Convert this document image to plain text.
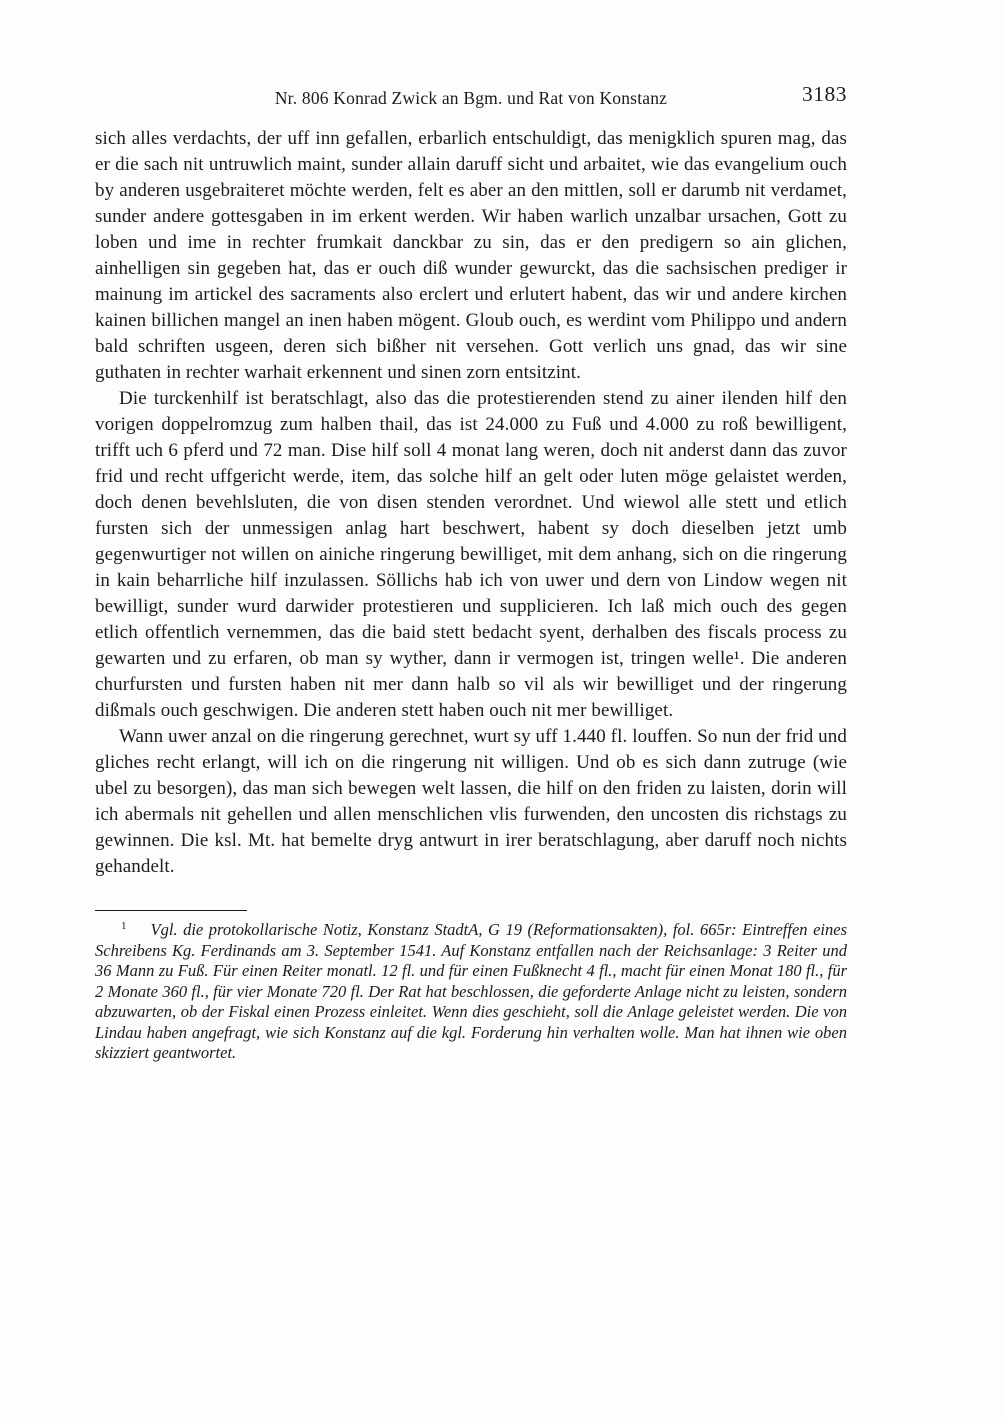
Nr. 806 Konrad Zwick an Bgm. und Rat von Konstanz	3183

sich alles verdachts, der uff inn gefallen, erbarlich entschuldigt, das menigklich spuren mag, das er die sach nit untruwlich maint, sunder allain daruff sicht und arbaitet, wie das evangelium ouch by anderen usgebraiteret möchte werden, felt es aber an den mittlen, soll er darumb nit verdamet, sunder andere gottesgaben in im erkent werden. Wir haben warlich unzalbar ursachen, Gott zu loben und ime in rechter frumkait danckbar zu sin, das er den predigern so ain glichen, ainhelligen sin gegeben hat, das er ouch diß wunder gewurckt, das die sachsischen prediger ir mainung im artickel des sacraments also erclert und erlutert habent, das wir und andere kirchen kainen billichen mangel an inen haben mögent. Gloub ouch, es werdint vom Philippo und andern bald schriften usgeen, deren sich bißher nit versehen. Gott verlich uns gnad, das wir sine guthaten in rechter warhait erkennent und sinen zorn entsitzint.

Die turckenhilf ist beratschlagt, also das die protestierenden stend zu ainer ilenden hilf den vorigen doppelromzug zum halben thail, das ist 24.000 zu Fuß und 4.000 zu roß bewilligent, trifft uch 6 pferd und 72 man. Dise hilf soll 4 monat lang weren, doch nit anderst dann das zuvor frid und recht uffgericht werde, item, das solche hilf an gelt oder luten möge gelaistet werden, doch denen bevehlsluten, die von disen stenden verordnet. Und wiewol alle stett und etlich fursten sich der unmessigen anlag hart beschwert, habent sy doch dieselben jetzt umb gegenwurtiger not willen on ainiche ringerung bewilliget, mit dem anhang, sich on die ringerung in kain beharrliche hilf inzulassen. Söllichs hab ich von uwer und dern von Lindow wegen nit bewilligt, sunder wurd darwider protestieren und supplicieren. Ich laß mich ouch des gegen etlich offentlich vernemmen, das die baid stett bedacht syent, derhalben des fiscals process zu gewarten und zu erfaren, ob man sy wyther, dann ir vermogen ist, tringen welle¹. Die anderen churfursten und fursten haben nit mer dann halb so vil als wir bewilliget und der ringerung dißmals ouch geschwigen. Die anderen stett haben ouch nit mer bewilliget.

Wann uwer anzal on die ringerung gerechnet, wurt sy uff 1.440 fl. louffen. So nun der frid und gliches recht erlangt, will ich on die ringerung nit willigen. Und ob es sich dann zutruge (wie ubel zu besorgen), das man sich bewegen welt lassen, die hilf on den friden zu laisten, dorin will ich abermals nit gehellen und allen menschlichen vlis furwenden, den uncosten dis richstags zu gewinnen. Die ksl. Mt. hat bemelte dryg antwurt in irer beratschlagung, aber daruff noch nichts gehandelt.

$^1$ Vgl. die protokollarische Notiz, Konstanz StadtA, G 19 (Reformationsakten), fol. 665r: Eintreffen eines Schreibens Kg. Ferdinands am 3. September 1541. Auf Konstanz entfallen nach der Reichsanlage: 3 Reiter und 36 Mann zu Fuß. Für einen Reiter monatl. 12 fl. und für einen Fußknecht 4 fl., macht für einen Monat 180 fl., für 2 Monate 360 fl., für vier Monate 720 fl. Der Rat hat beschlossen, die geforderte Anlage nicht zu leisten, sondern abzuwarten, ob der Fiskal einen Prozess einleitet. Wenn dies geschieht, soll die Anlage geleistet werden. Die von Lindau haben angefragt, wie sich Konstanz auf die kgl. Forderung hin verhalten wolle. Man hat ihnen wie oben skizziert geantwortet.
